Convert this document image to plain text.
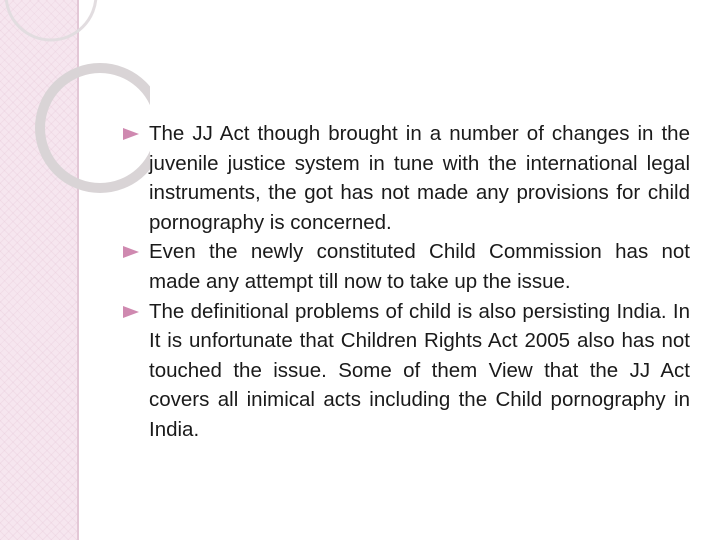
The JJ Act though brought in a number of changes in the juvenile justice system in tune with the international legal instruments, the got has not made any provisions for child pornography is concerned.
Even the newly constituted Child Commission has not made any attempt till now to take up the issue.
The definitional problems of child is also persisting India. In It is unfortunate that Children Rights Act 2005 also has not touched the issue. Some of them View that the JJ Act covers all inimical acts including the Child pornography in India.
